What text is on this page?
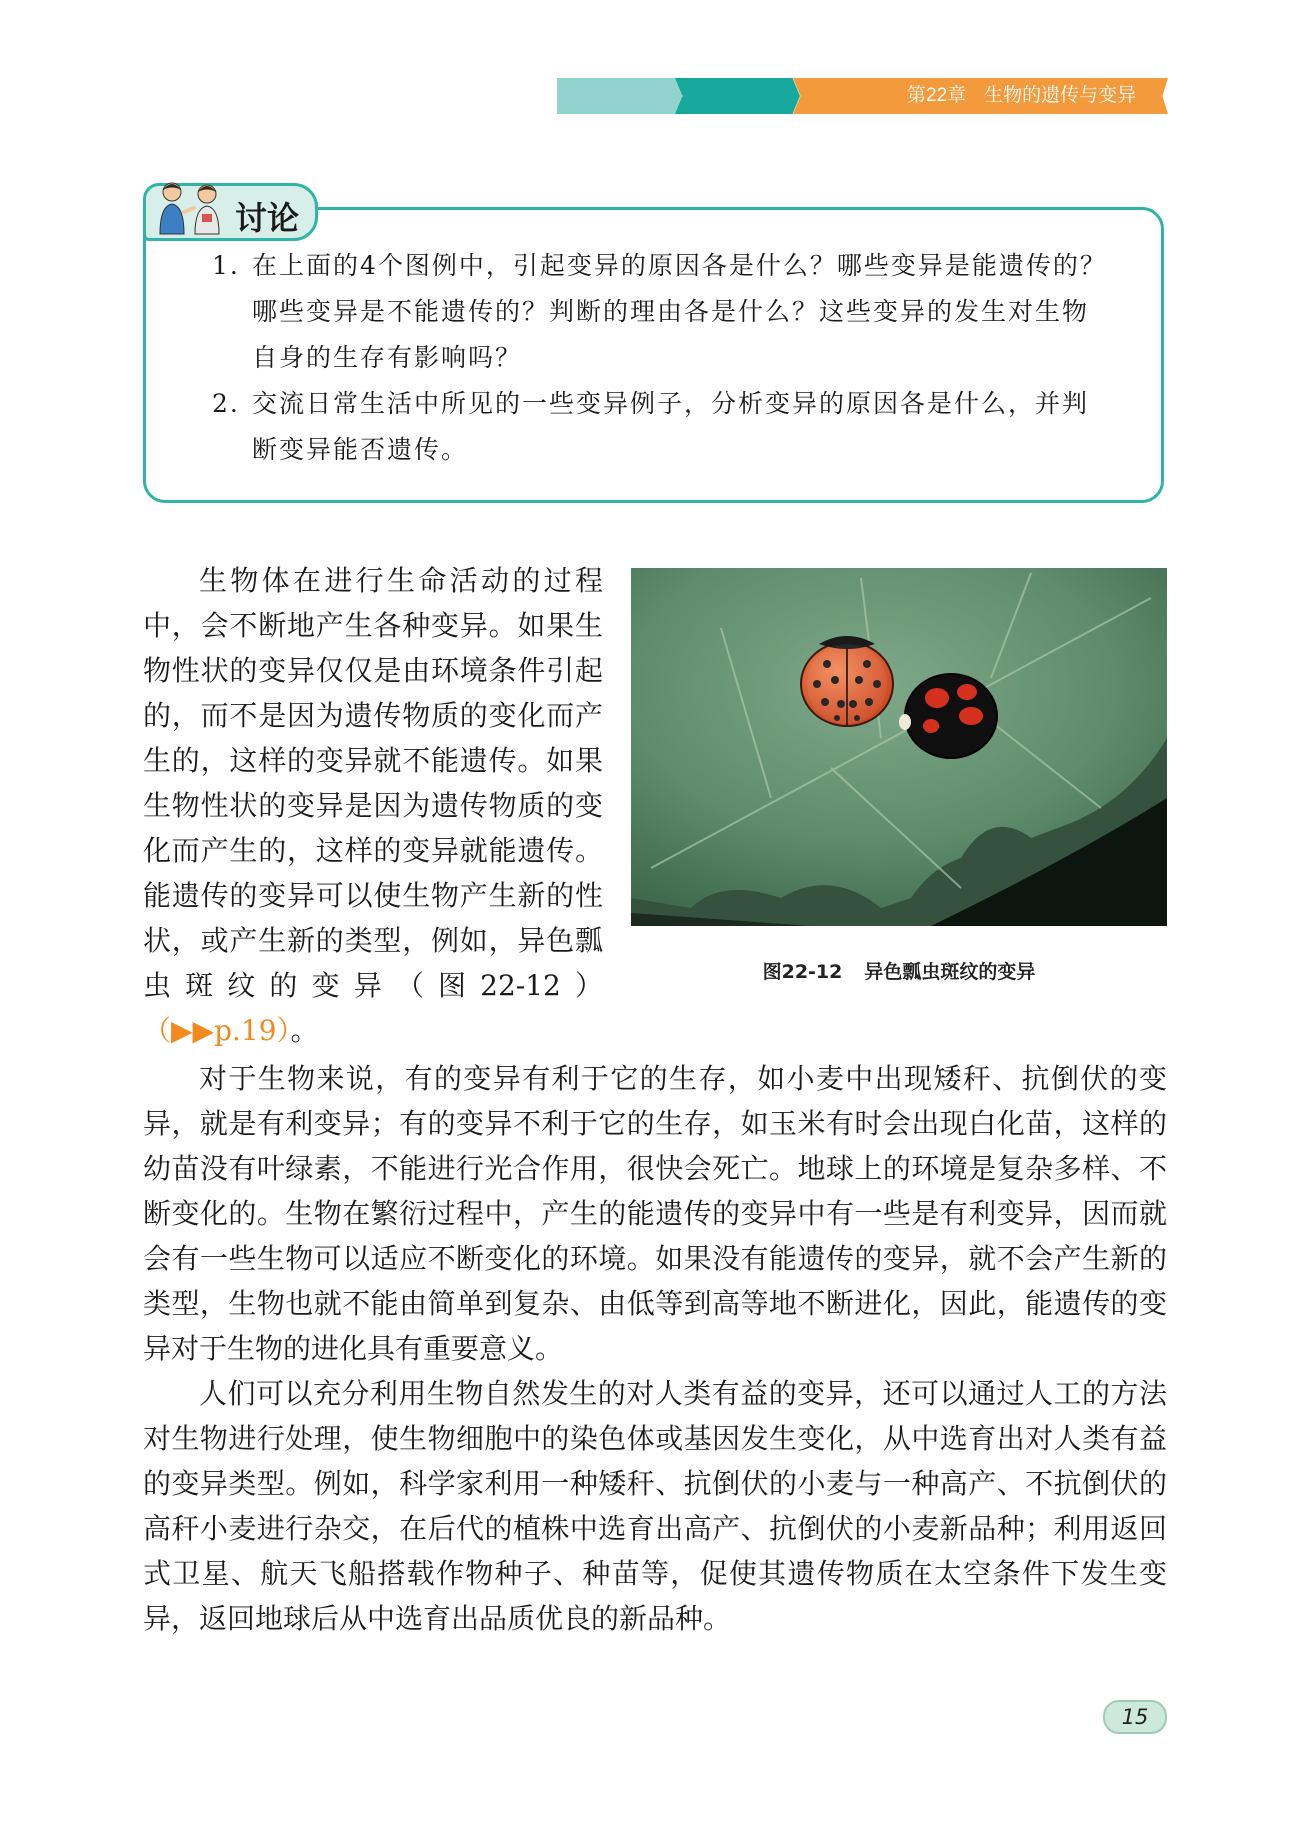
第22章 生物的遗传与变异
讨论
1. 在上面的4个图例中，引起变异的原因各是什么？哪些变异是能遗传的？哪些变异是不能遗传的？判断的理由各是什么？这些变异的发生对生物自身的生存有影响吗？
2. 交流日常生活中所见的一些变异例子，分析变异的原因各是什么，并判断变异能否遗传。

生物体在进行生命活动的过程中，会不断地产生各种变异。如果生物性状的变异仅仅是由环境条件引起的，而不是因为遗传物质的变化而产生的，这样的变异就不能遗传。如果生物性状的变异是因为遗传物质的变化而产生的，这样的变异就能遗传。能遗传的变异可以使生物产生新的性状，或产生新的类型，例如，异色瓢虫斑纹的变异（图22-12）（▶▶p.19）。

图22-12 异色瓢虫斑纹的变异

对于生物来说，有的变异有利于它的生存，如小麦中出现矮秆、抗倒伏的变异，就是有利变异；有的变异不利于它的生存，如玉米有时会出现白化苗，这样的幼苗没有叶绿素，不能进行光合作用，很快会死亡。地球上的环境是复杂多样、不断变化的。生物在繁衍过程中，产生的能遗传的变异中有一些是有利变异，因而就会有一些生物可以适应不断变化的环境。如果没有能遗传的变异，就不会产生新的类型，生物也就不能由简单到复杂、由低等到高等地不断进化，因此，能遗传的变异对于生物的进化具有重要意义。

人们可以充分利用生物自然发生的对人类有益的变异，还可以通过人工的方法对生物进行处理，使生物细胞中的染色体或基因发生变化，从中选育出对人类有益的变异类型。例如，科学家利用一种矮秆、抗倒伏的小麦与一种高产、不抗倒伏的高秆小麦进行杂交，在后代的植株中选育出高产、抗倒伏的小麦新品种；利用返回式卫星、航天飞船搭载作物种子、种苗等，促使其遗传物质在太空条件下发生变异，返回地球后从中选育出品质优良的新品种。

15
